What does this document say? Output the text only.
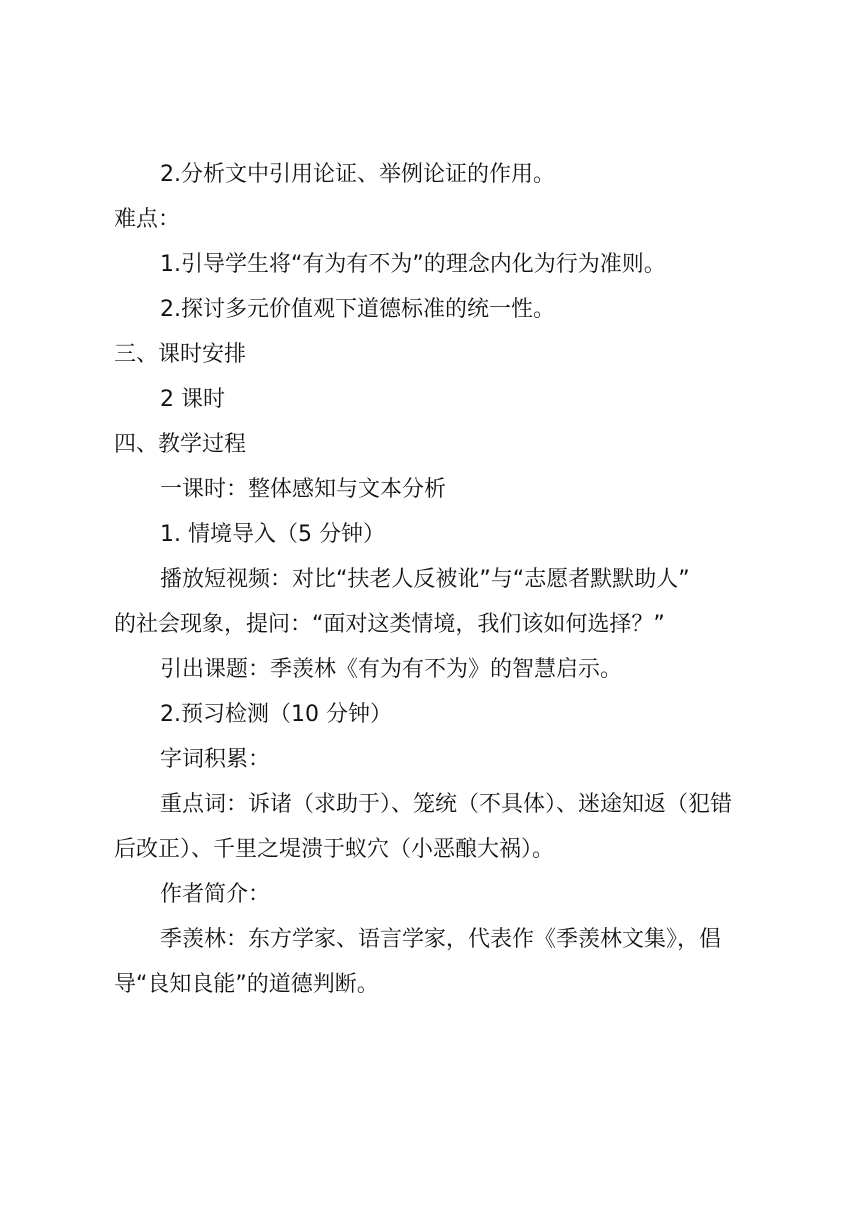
2.分析文中引用论证、举例论证的作用。
难点：
1.引导学生将“有为有不为”的理念内化为行为准则。
2.探讨多元价值观下道德标准的统一性。
三、课时安排
2 课时
四、教学过程
一课时：整体感知与文本分析
1. 情境导入（5 分钟）
播放短视频：对比“扶老人反被讹”与“志愿者默默助人”
的社会现象，提问：“面对这类情境，我们该如何选择？”
引出课题：季羡林《有为有不为》的智慧启示。
2.预习检测（10 分钟）
字词积累：
重点词：诉诸（求助于）、笼统（不具体）、迷途知返（犯错
后改正）、千里之堤溃于蚁穴（小恶酿大祸）。
作者简介：
季羡林：东方学家、语言学家，代表作《季羡林文集》，倡
导“良知良能”的道德判断。
